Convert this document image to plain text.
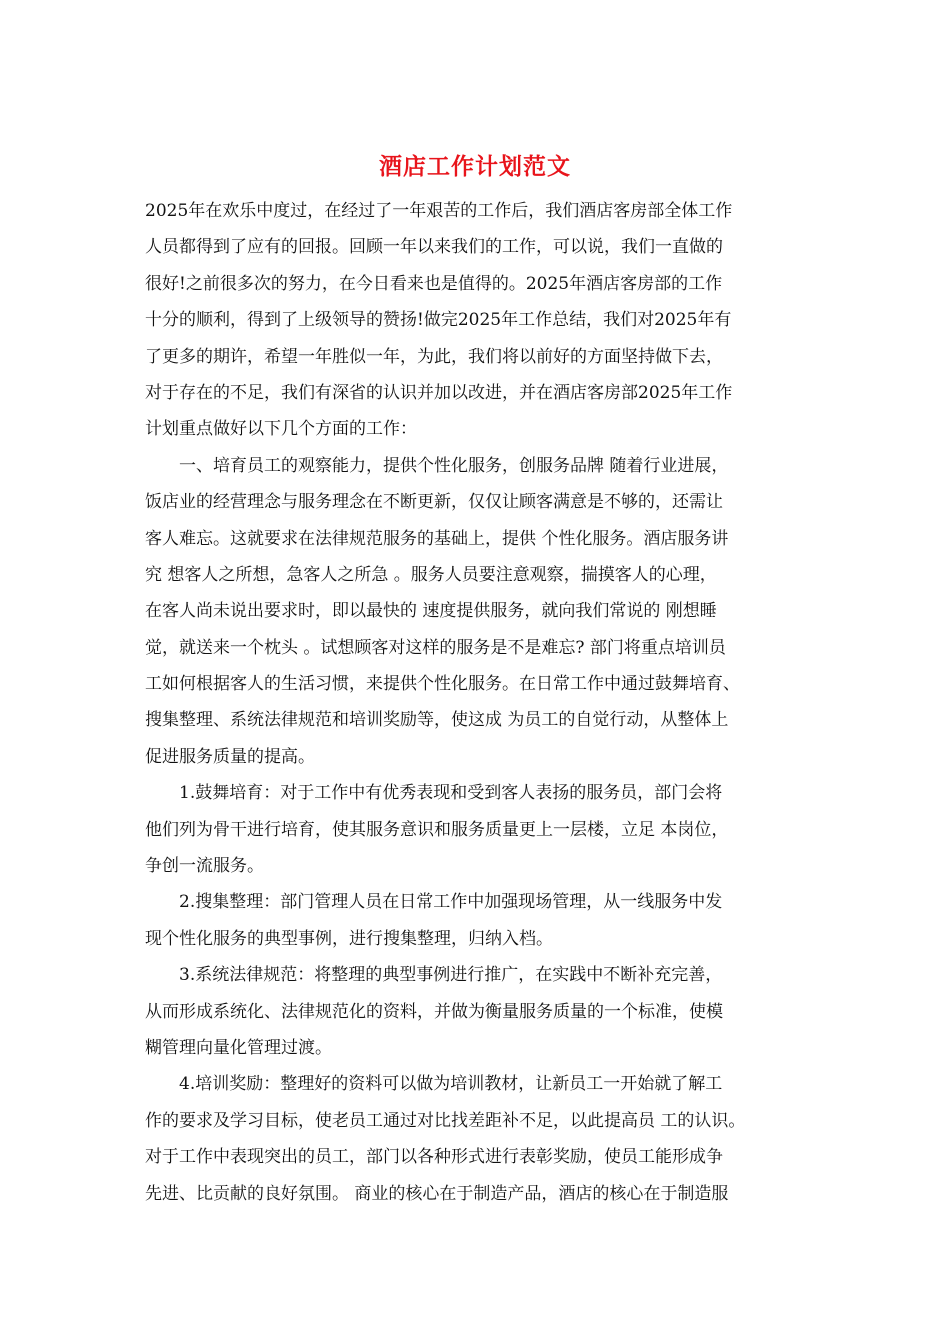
酒店工作计划范文
2025年在欢乐中度过，在经过了一年艰苦的工作后，我们酒店客房部全体工作
人员都得到了应有的回报。回顾一年以来我们的工作，可以说，我们一直做的
很好!之前很多次的努力，在今日看来也是值得的。2025年酒店客房部的工作
十分的顺利，得到了上级领导的赞扬!做完2025年工作总结，我们对2025年有
了更多的期许，希望一年胜似一年，为此，我们将以前好的方面坚持做下去，
对于存在的不足，我们有深省的认识并加以改进，并在酒店客房部2025年工作
计划重点做好以下几个方面的工作：
一、培育员工的观察能力，提供个性化服务，创服务品牌 随着行业进展，
饭店业的经营理念与服务理念在不断更新，仅仅让顾客满意是不够的，还需让
客人难忘。这就要求在法律规范服务的基础上，提供 个性化服务。酒店服务讲
究 想客人之所想，急客人之所急 。服务人员要注意观察，揣摸客人的心理，
在客人尚未说出要求时，即以最快的 速度提供服务，就向我们常说的 刚想睡
觉，就送来一个枕头 。试想顾客对这样的服务是不是难忘? 部门将重点培训员
工如何根据客人的生活习惯，来提供个性化服务。在日常工作中通过鼓舞培育、
搜集整理、系统法律规范和培训奖励等，使这成 为员工的自觉行动，从整体上
促进服务质量的提高。
1.鼓舞培育：对于工作中有优秀表现和受到客人表扬的服务员，部门会将
他们列为骨干进行培育，使其服务意识和服务质量更上一层楼，立足 本岗位，
争创一流服务。
2.搜集整理：部门管理人员在日常工作中加强现场管理，从一线服务中发
现个性化服务的典型事例，进行搜集整理，归纳入档。
3.系统法律规范：将整理的典型事例进行推广，在实践中不断补充完善，
从而形成系统化、法律规范化的资料，并做为衡量服务质量的一个标准，使模
糊管理向量化管理过渡。
4.培训奖励：整理好的资料可以做为培训教材，让新员工一开始就了解工
作的要求及学习目标，使老员工通过对比找差距补不足，以此提高员 工的认识。
对于工作中表现突出的员工，部门以各种形式进行表彰奖励，使员工能形成争
先进、比贡献的良好氛围。 商业的核心在于制造产品，酒店的核心在于制造服
